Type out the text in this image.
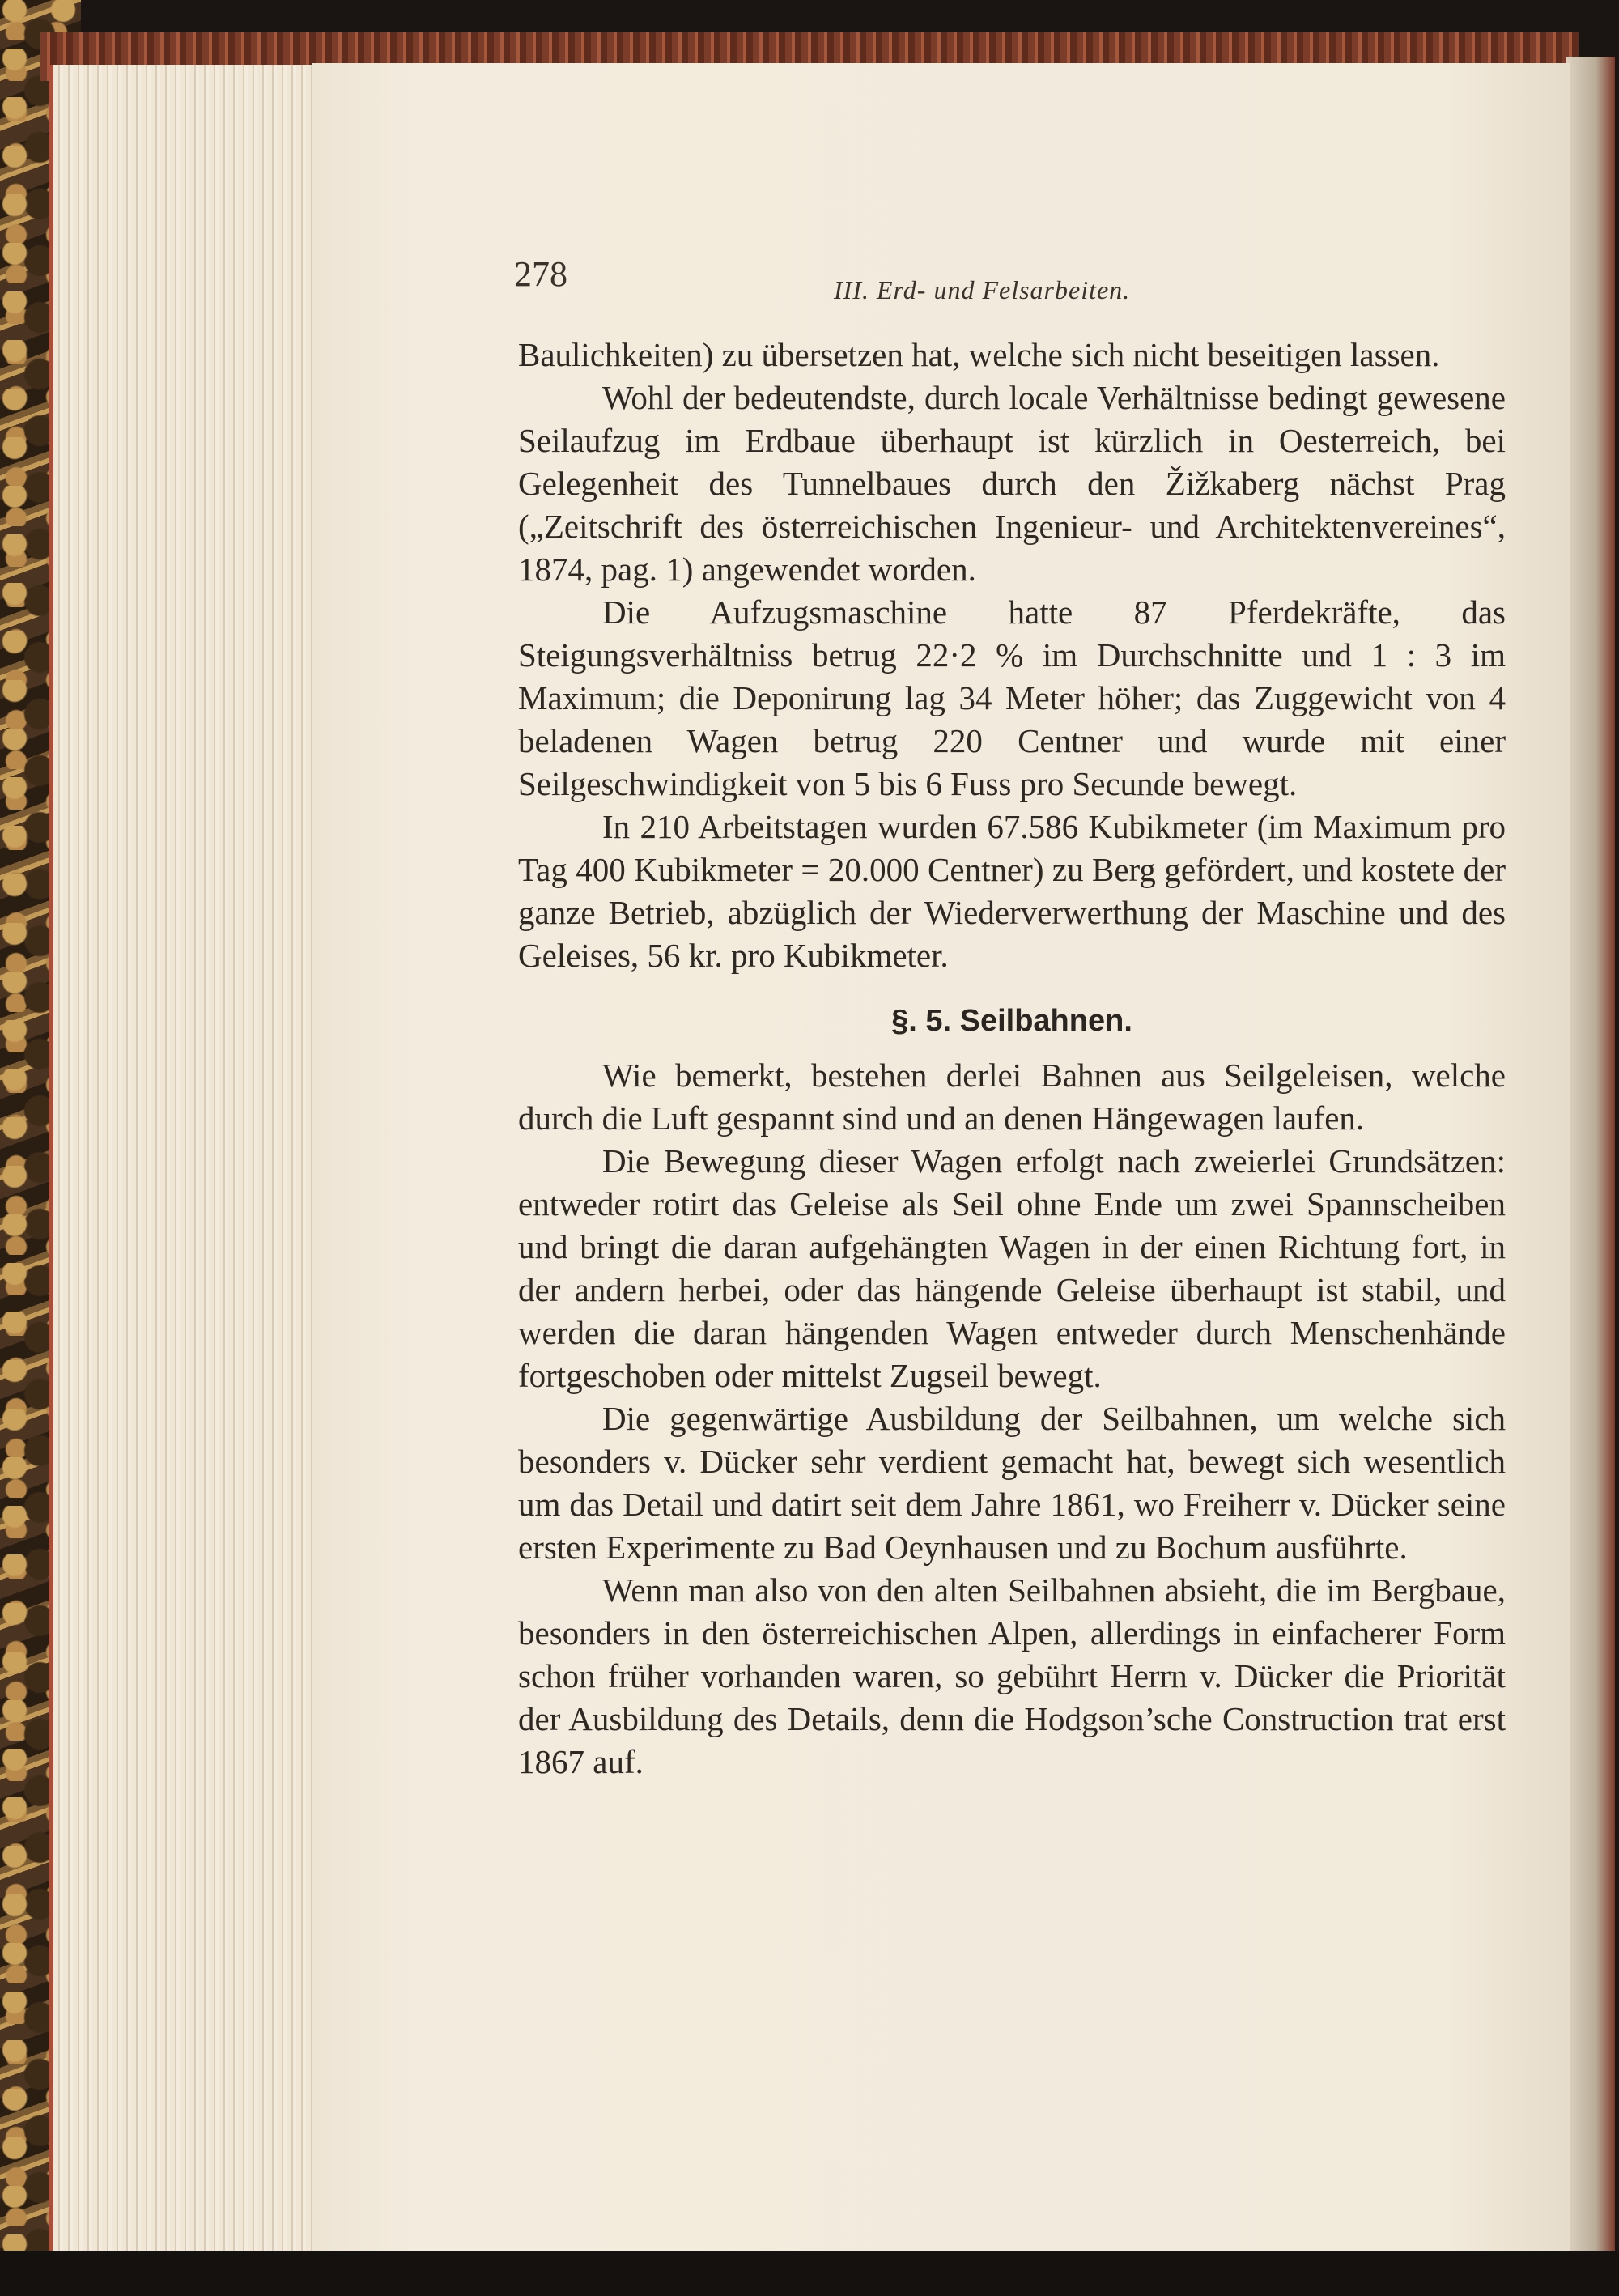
278	III. Erd- und Felsarbeiten.

Baulichkeiten) zu übersetzen hat, welche sich nicht beseitigen lassen.

Wohl der bedeutendste, durch locale Verhältnisse bedingt gewesene Seilaufzug im Erdbaue überhaupt ist kürzlich in Oesterreich, bei Gelegenheit des Tunnelbaues durch den Žižkaberg nächst Prag („Zeitschrift des österreichischen Ingenieur- und Architektenvereines“, 1874, pag. 1) angewendet worden.

Die Aufzugsmaschine hatte 87 Pferdekräfte, das Steigungsverhältniss betrug 22·2 % im Durchschnitte und 1 : 3 im Maximum; die Deponirung lag 34 Meter höher; das Zuggewicht von 4 beladenen Wagen betrug 220 Centner und wurde mit einer Seilgeschwindigkeit von 5 bis 6 Fuss pro Secunde bewegt.

In 210 Arbeitstagen wurden 67.586 Kubikmeter (im Maximum pro Tag 400 Kubikmeter = 20.000 Centner) zu Berg gefördert, und kostete der ganze Betrieb, abzüglich der Wiederverwerthung der Maschine und des Geleises, 56 kr. pro Kubikmeter.

§. 5. Seilbahnen.

Wie bemerkt, bestehen derlei Bahnen aus Seilgeleisen, welche durch die Luft gespannt sind und an denen Hängewagen laufen.

Die Bewegung dieser Wagen erfolgt nach zweierlei Grundsätzen: entweder rotirt das Geleise als Seil ohne Ende um zwei Spannscheiben und bringt die daran aufgehängten Wagen in der einen Richtung fort, in der andern herbei, oder das hängende Geleise überhaupt ist stabil, und werden die daran hängenden Wagen entweder durch Menschenhände fortgeschoben oder mittelst Zugseil bewegt.

Die gegenwärtige Ausbildung der Seilbahnen, um welche sich besonders v. Dücker sehr verdient gemacht hat, bewegt sich wesentlich um das Detail und datirt seit dem Jahre 1861, wo Freiherr v. Dücker seine ersten Experimente zu Bad Oeynhausen und zu Bochum ausführte.

Wenn man also von den alten Seilbahnen absieht, die im Bergbaue, besonders in den österreichischen Alpen, allerdings in einfacherer Form schon früher vorhanden waren, so gebührt Herrn v. Dücker die Priorität der Ausbildung des Details, denn die Hodgson’sche Construction trat erst 1867 auf.
